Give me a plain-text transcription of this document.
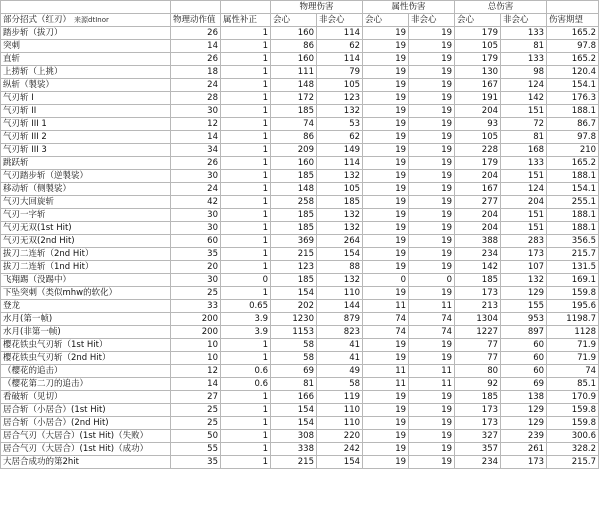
			物理伤害		属性伤害		总伤害		
部分招式（红刃） 来源dtInor	物理动作值	属性补正	会心	非会心	会心	非会心	会心	非会心	伤害期望
踏步斩（拔刀）	26	1	160	114	19	19	179	133	165.2
突刺	14	1	86	62	19	19	105	81	97.8
直斩	26	1	160	114	19	19	179	133	165.2
上捞斩（上挑）	18	1	111	79	19	19	130	98	120.4
纵斩（製裟）	24	1	148	105	19	19	167	124	154.1
气刃斩 I	28	1	172	123	19	19	191	142	176.3
气刃斩 II	30	1	185	132	19	19	204	151	188.1
气刃斩 III 1	12	1	74	53	19	19	93	72	86.7
气刃斩 III 2	14	1	86	62	19	19	105	81	97.8
气刃斩 III 3	34	1	209	149	19	19	228	168	210
跳跃斩	26	1	160	114	19	19	179	133	165.2
气刃踏步斩（逆製裟）	30	1	185	132	19	19	204	151	188.1
移动斩（侧製裟）	24	1	148	105	19	19	167	124	154.1
气刃大回旋斩	42	1	258	185	19	19	277	204	255.1
气刃一字斩	30	1	185	132	19	19	204	151	188.1
气刃无双(1st Hit)	30	1	185	132	19	19	204	151	188.1
气刃无双(2nd Hit)	60	1	369	264	19	19	388	283	356.5
拔刀二连斩（2nd Hit）	35	1	215	154	19	19	234	173	215.7
拔刀二连斩（1nd Hit）	20	1	123	88	19	19	142	107	131.5
飞翔踢（没踢中）	30	0	185	132	0	0	185	132	169.1
下坠突刺（类似mhw的软化）	25	1	154	110	19	19	173	129	159.8
登龙	33	0.65	202	144	11	11	213	155	195.6
水月(第一帧)	200	3.9	1230	879	74	74	1304	953	1198.7
水月(非第一帧)	200	3.9	1153	823	74	74	1227	897	1128
樱花铁虫气刃斩（1st Hit）	10	1	58	41	19	19	77	60	71.9
樱花铁虫气刃斩（2nd Hit）	10	1	58	41	19	19	77	60	71.9
（樱花的追击）	12	0.6	69	49	11	11	80	60	74
（樱花第二刀的追击）	14	0.6	81	58	11	11	92	69	85.1
看破斩（见切）	27	1	166	119	19	19	185	138	170.9
居合斩（小居合）(1st Hit)	25	1	154	110	19	19	173	129	159.8
居合斩（小居合）(2nd Hit)	25	1	154	110	19	19	173	129	159.8
居合气刃（大居合）(1st Hit)（失败）	50	1	308	220	19	19	327	239	300.6
居合气刃（大居合）(1st Hit)（成功）	55	1	338	242	19	19	357	261	328.2
大居合成功的第2hit	35	1	215	154	19	19	234	173	215.7
